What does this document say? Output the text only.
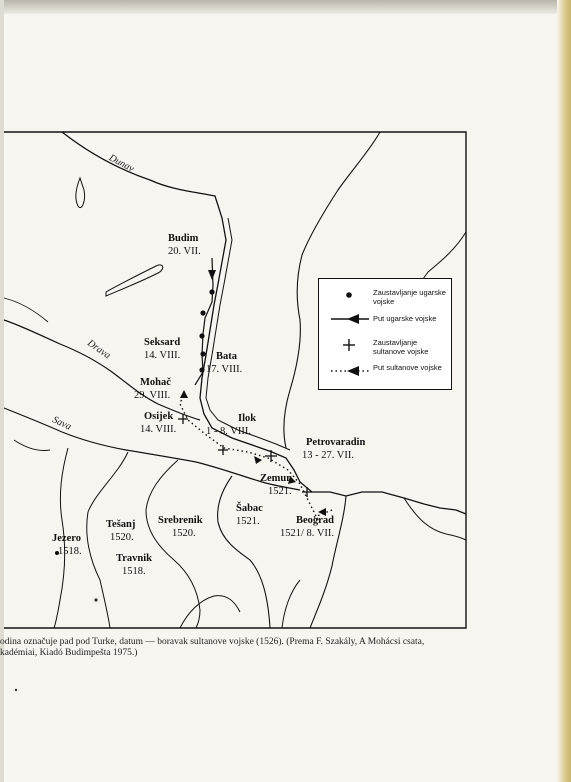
Dunav
Drava
Sava
Budim
20. VII.
Seksard
14. VIII.	Bata
17. VIII.
Mohač
29. VIII.
Osijek
14. VIII.
Ilok
1 - 8. VIII.
Petrovaradin
13 - 27. VII.
Zemun
1521.
Šabac
1521.	Beograd
1521/ 8. VII.
Srebrenik
1520.
Tešanj
1520.
Travnik
1518.
Jezero
1518.
Zaustavljanje ugarske vojske
Put ugarske vojske
Zaustavljanje sultanove vojske
Put sultanove vojske
odina označuje pad pod Turke, datum — boravak sultanove vojske (1526). (Prema F. Szakály, A Mohácsi csata,
kadémiai, Kiadó Budimpešta 1975.)
